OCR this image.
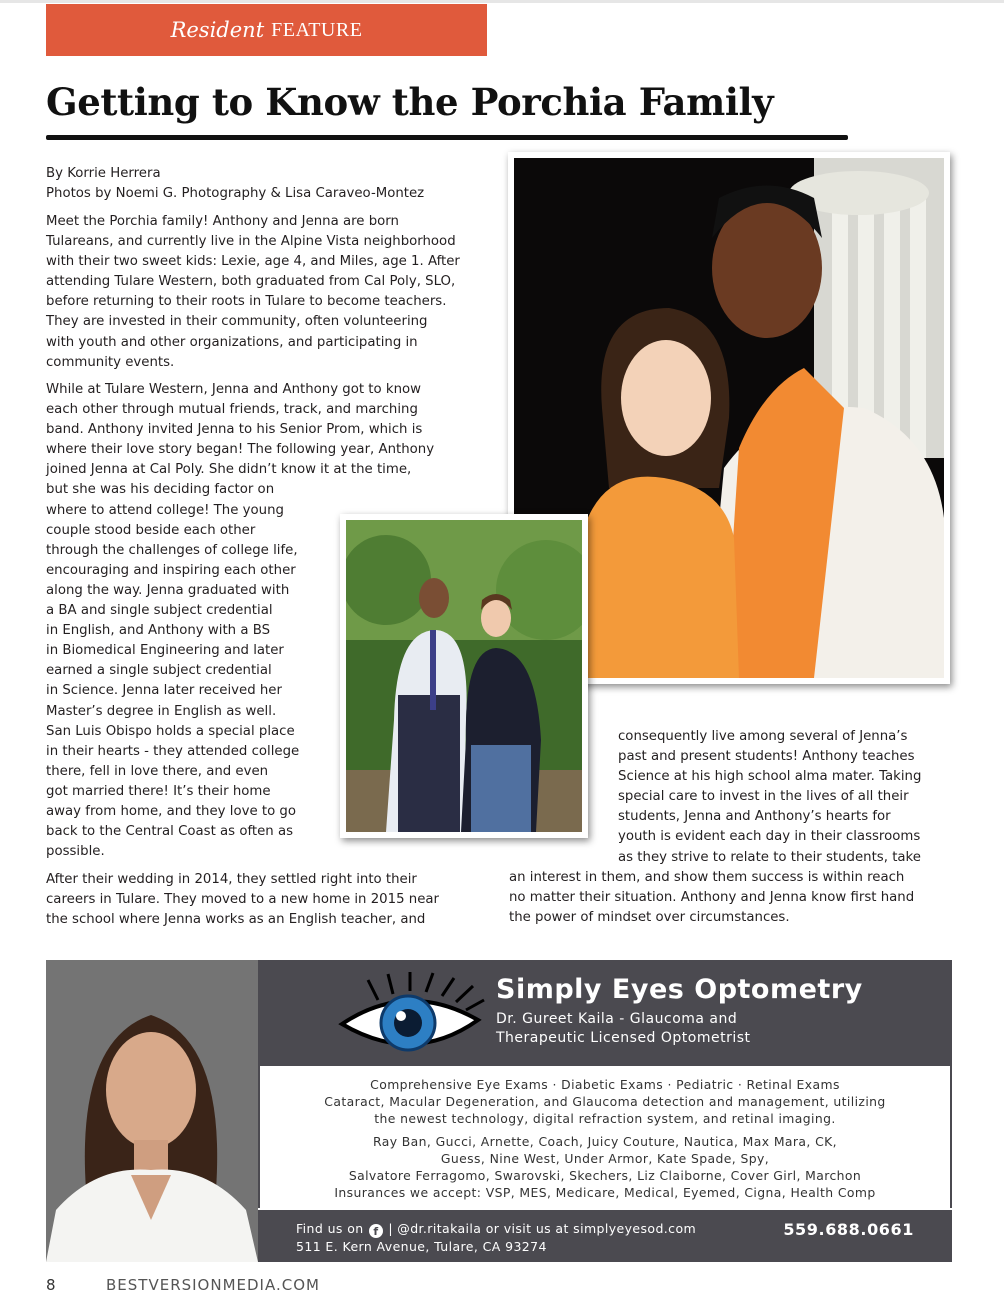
Resident FEATURE
Getting to Know the Porchia Family
By Korrie Herrera
Photos by Noemi G. Photography & Lisa Caraveo-Montez
Meet the Porchia family! Anthony and Jenna are born
Tulareans, and currently live in the Alpine Vista neighborhood
with their two sweet kids: Lexie, age 4, and Miles, age 1. After
attending Tulare Western, both graduated from Cal Poly, SLO,
before returning to their roots in Tulare to become teachers.
They are invested in their community, often volunteering
with youth and other organizations, and participating in
community events.
While at Tulare Western, Jenna and Anthony got to know
each other through mutual friends, track, and marching
band. Anthony invited Jenna to his Senior Prom, which is
where their love story began! The following year, Anthony
joined Jenna at Cal Poly. She didn’t know it at the time,
but she was his deciding factor on
where to attend college! The young
couple stood beside each other
through the challenges of college life,
encouraging and inspiring each other
along the way. Jenna graduated with
a BA and single subject credential
in English, and Anthony with a BS
in Biomedical Engineering and later
earned a single subject credential
in Science. Jenna later received her
Master’s degree in English as well.
San Luis Obispo holds a special place
in their hearts - they attended college
there, fell in love there, and even
got married there! It’s their home
away from home, and they love to go
back to the Central Coast as often as
possible.
After their wedding in 2014, they settled right into their
careers in Tulare. They moved to a new home in 2015 near
the school where Jenna works as an English teacher, and
consequently live among several of Jenna’s
past and present students! Anthony teaches
Science at his high school alma mater. Taking
special care to invest in the lives of all their
students, Jenna and Anthony’s hearts for
youth is evident each day in their classrooms
as they strive to relate to their students, take
an interest in them, and show them success is within reach
no matter their situation. Anthony and Jenna know first hand
the power of mindset over circumstances.
Simply Eyes Optometry
Dr. Gureet Kaila - Glaucoma and
Therapeutic Licensed Optometrist
Comprehensive Eye Exams · Diabetic Exams · Pediatric · Retinal Exams
Cataract, Macular Degeneration, and Glaucoma detection and management, utilizing
the newest technology, digital refraction system, and retinal imaging.
Ray Ban, Gucci, Arnette, Coach, Juicy Couture, Nautica, Max Mara, CK,
Guess, Nine West, Under Armor, Kate Spade, Spy,
Salvatore Ferragomo, Swarovski, Skechers, Liz Claiborne, Cover Girl, Marchon
Insurances we accept: VSP, MES, Medicare, Medical, Eyemed, Cigna, Health Comp
Find us on f | @dr.ritakaila or visit us at simplyeyesod.com
511 E. Kern Avenue, Tulare, CA 93274
559.688.0661
8	BESTVERSIONMEDIA.COM
